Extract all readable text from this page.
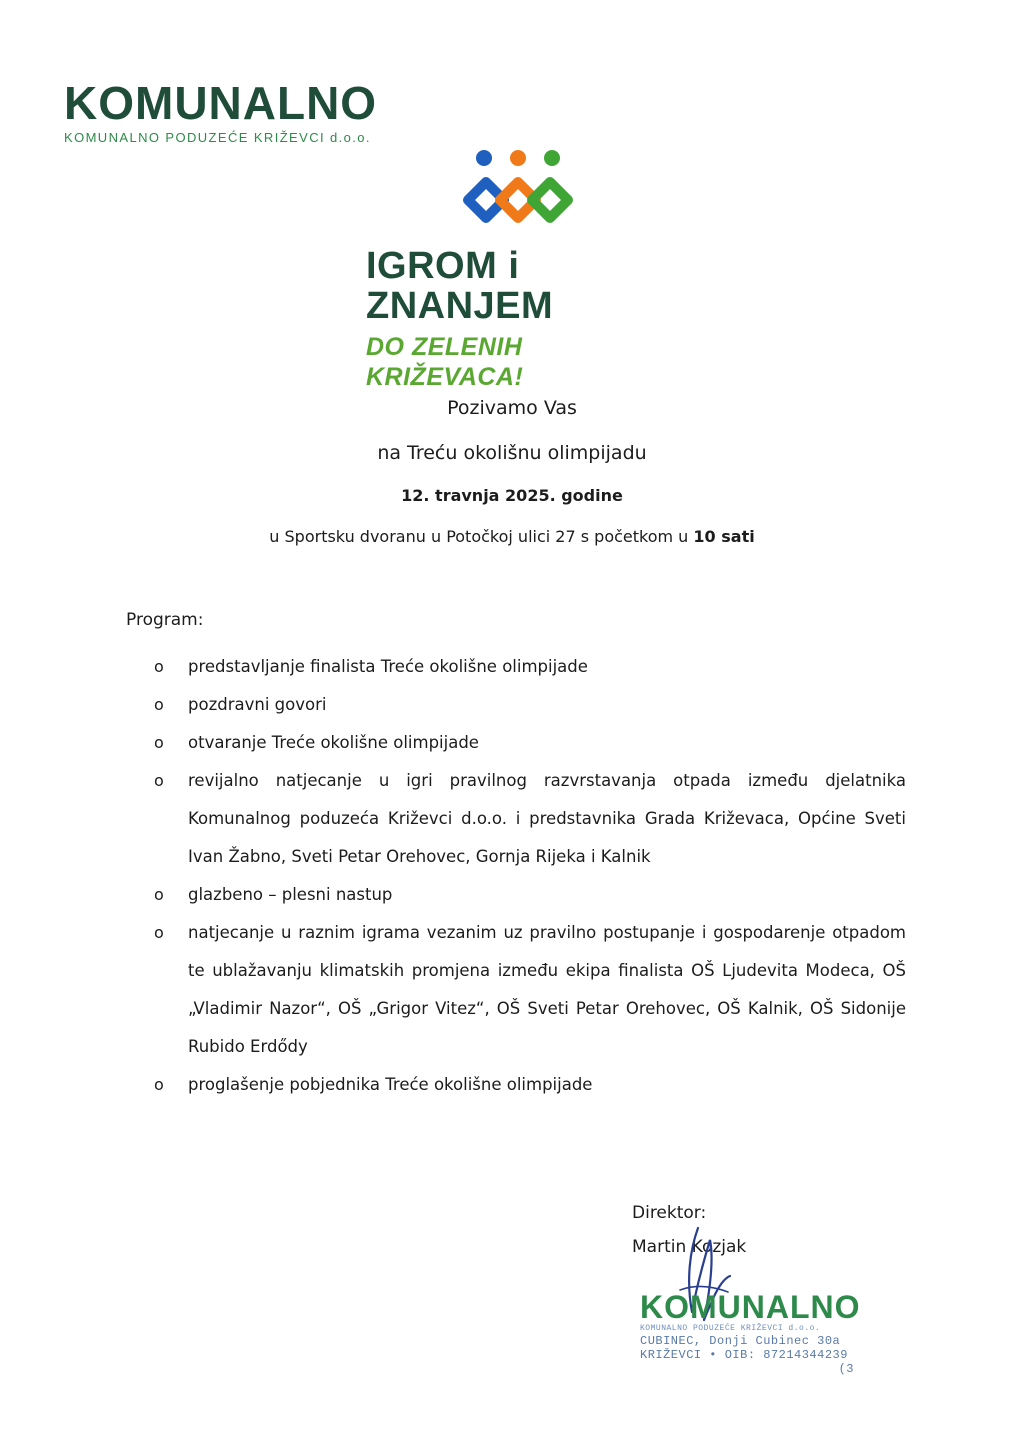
KOMUNALNO
KOMUNALNO PODUZEĆE KRIŽEVCI d.o.o.
IGROM i ZNANJEM
DO ZELENIH KRIŽEVACA!
Pozivamo Vas
na Treću okolišnu olimpijadu
12. travnja 2025. godine
u Sportsku dvoranu u Potočkoj ulici 27 s početkom u 10 sati
Program:
o predstavljanje finalista Treće okolišne olimpijade
o pozdravni govori
o otvaranje Treće okolišne olimpijade
o revijalno natjecanje u igri pravilnog razvrstavanja otpada između djelatnika Komunalnog poduzeća Križevci d.o.o. i predstavnika Grada Križevaca, Općine Sveti Ivan Žabno, Sveti Petar Orehovec, Gornja Rijeka i Kalnik
o glazbeno – plesni nastup
o natjecanje u raznim igrama vezanim uz pravilno postupanje i gospodarenje otpadom te ublažavanju klimatskih promjena između ekipa finalista OŠ Ljudevita Modeca, OŠ „Vladimir Nazor“, OŠ „Grigor Vitez“, OŠ Sveti Petar Orehovec, OŠ Kalnik, OŠ Sidonije Rubido Erdődy
o proglašenje pobjednika Treće okolišne olimpijade
Direktor:
Martin Kozjak
KOMUNALNO
KOMUNALNO PODUZEĆE KRIŽEVCI d.o.o.
CUBINEC, Donji Cubinec 30a
KRIŽEVCI • OIB: 87214344239
(3
